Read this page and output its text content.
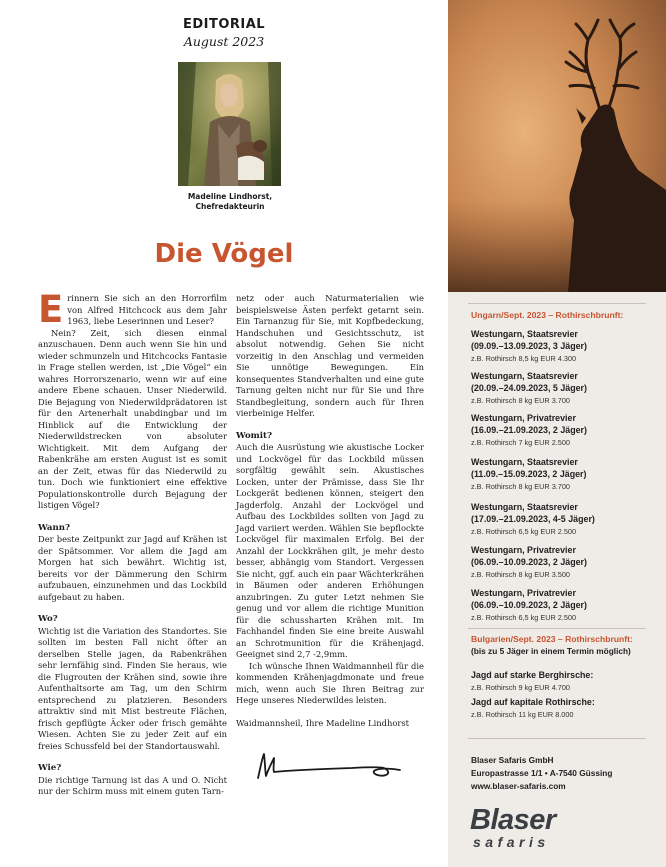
EDITORIAL
August 2023
Madeline Lindhorst,
Chefredakteurin
Die Vögel

Erinnern Sie sich an den Horrorfilm von Alfred Hitchcock aus dem Jahr 1963, liebe Leserinnen und Leser?

Nein? Zeit, sich diesen einmal anzuschauen. Denn auch wenn Sie hin und wieder schmunzeln und Hitchcocks Fantasie in Frage stellen werden, ist „Die Vögel“ ein wahres Horrorszenario, wenn wir auf eine andere Ebene schauen. Unser Niederwild. Die Bejagung von Niederwildprädatoren ist für den Artenerhalt unabdingbar und im Hinblick auf die Entwicklung der Niederwildstrecken von absoluter Wichtigkeit. Mit dem Aufgang der Rabenkrähe am ersten August ist es somit an der Zeit, etwas für das Niederwild zu tun. Doch wie funktioniert eine effektive Populationskontrolle durch Bejagung der listigen Vögel?

Wann?

Der beste Zeitpunkt zur Jagd auf Krähen ist der Spätsommer. Vor allem die Jagd am Morgen hat sich bewährt. Wichtig ist, bereits vor der Dämmerung den Schirm aufzubauen, einzunehmen und das Lockbild aufgebaut zu haben.

Wo?

Wichtig ist die Variation des Standortes. Sie sollten im besten Fall nicht öfter an derselben Stelle jagen, da Rabenkrähen sehr lernfähig sind. Finden Sie heraus, wie die Flugrouten der Krähen sind, sowie ihre Aufenthaltsorte am Tag, um den Schirm entsprechend zu platzieren. Besonders attraktiv sind mit Mist bestreute Flächen, frisch gepflügte Äcker oder frisch gemähte Wiesen. Achten Sie zu jeder Zeit auf ein freies Schussfeld bei der Standortauswahl.

Wie?

Die richtige Tarnung ist das A und O. Nicht nur der Schirm muss mit einem guten Tarn-

netz oder auch Naturmaterialien wie beispielsweise Ästen perfekt getarnt sein. Ein Tarnanzug für Sie, mit Kopfbedeckung, Handschuhen und Gesichtsschutz, ist absolut notwendig. Gehen Sie nicht vorzeitig in den Anschlag und vermeiden Sie unnötige Bewegungen. Ein konsequentes Standverhalten und eine gute Tarnung gelten nicht nur für Sie und Ihre Standbegleitung, sondern auch für Ihren vierbeinige Helfer.

Womit?

Auch die Ausrüstung wie akustische Locker und Lockvögel für das Lockbild müssen sorgfältig gewählt sein. Akustisches Locken, unter der Prämisse, dass Sie Ihr Lockgerät bedienen können, steigert den Jagderfolg. Anzahl der Lockvögel und Aufbau des Lockbildes sollten von Jagd zu Jagd variiert werden. Wählen Sie bepflockte Lockvögel für maximalen Erfolg. Bei der Anzahl der Lockkrähen gilt, je mehr desto besser, abhängig vom Standort. Vergessen Sie nicht, ggf. auch ein paar Wächterkrähen in Bäumen oder anderen Erhöhungen anzubringen. Zu guter Letzt nehmen Sie genug und vor allem die richtige Munition für die schussharten Krähen mit. Im Fachhandel finden Sie eine breite Auswahl an Schrotmunition für die Krähenjagd. Geeignet sind 2,7 -2,9mm.

Ich wünsche Ihnen Waidmannheil für die kommenden Krähenjagdmonate und freue mich, wenn auch Sie Ihren Beitrag zur Hege unseres Niederwildes leisten.

Waidmannsheil, Ihre Madeline Lindhorst

Ungarn/Sept. 2023 – Rothirschbrunft:
Westungarn, Staatsrevier
(09.09.–13.09.2023, 3 Jäger)
z.B. Rothirsch 8,5 kg EUR 4.300
Westungarn, Staatsrevier
(20.09.–24.09.2023, 5 Jäger)
z.B. Rothirsch 8 kg EUR 3.700
Westungarn, Privatrevier
(16.09.–21.09.2023, 2 Jäger)
z.B. Rothirsch 7 kg EUR 2.500
Westungarn, Staatsrevier
(11.09.–15.09.2023, 2 Jäger)
z.B. Rothirsch 8 kg EUR 3.700
Westungarn, Staatsrevier
(17.09.–21.09.2023, 4-5 Jäger)
z.B. Rothirsch 6,5 kg EUR 2.500
Westungarn, Privatrevier
(06.09.–10.09.2023, 2 Jäger)
z.B. Rothirsch 8 kg EUR 3.500
Westungarn, Privatrevier
(06.09.–10.09.2023, 2 Jäger)
z.B. Rothirsch 6,5 kg EUR 2.500
Bulgarien/Sept. 2023 – Rothirschbrunft:
(bis zu 5 Jäger in einem Termin möglich)
Jagd auf starke Berghirsche:
z.B. Rothirsch 9 kg EUR 4.700
Jagd auf kapitale Rothirsche:
z.B. Rothirsch 11 kg EUR 8.000
Blaser Safaris GmbH
Europastrasse 1/1 • A-7540 Güssing
www.blaser-safaris.com
Blaser
safaris
